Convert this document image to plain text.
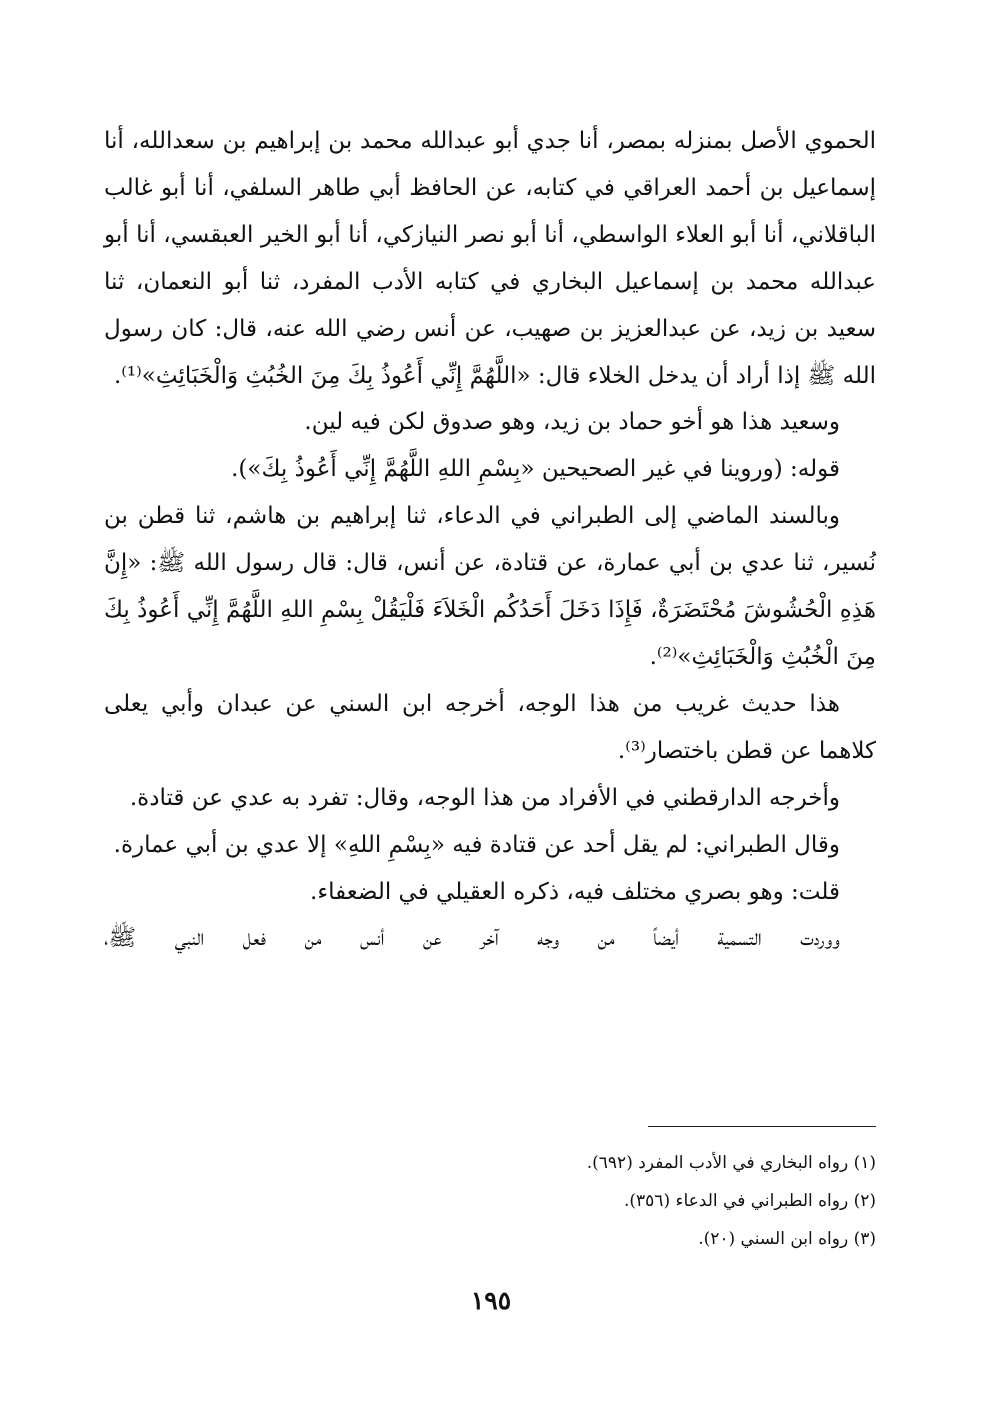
الحموي الأصل بمنزله بمصر، أنا جدي أبو عبدالله محمد بن إبراهيم بن سعدالله، أنا إسماعيل بن أحمد العراقي في كتابه، عن الحافظ أبي طاهر السلفي، أنا أبو غالب الباقلاني، أنا أبو العلاء الواسطي، أنا أبو نصر النيازكي، أنا أبو الخير العبقسي، أنا أبو عبدالله محمد بن إسماعيل البخاري في كتابه الأدب المفرد، ثنا أبو النعمان، ثنا سعيد بن زيد، عن عبدالعزيز بن صهيب، عن أنس رضي الله عنه، قال: كان رسول الله ﷺ إذا أراد أن يدخل الخلاء قال: «اللَّهُمَّ إِنِّي أَعُوذُ بِكَ مِنَ الخُبُثِ وَالْخَبَائِثِ»⁽¹⁾.

وسعيد هذا هو أخو حماد بن زيد، وهو صدوق لكن فيه لين.

قوله: (وروينا في غير الصحيحين «بِسْمِ اللهِ اللَّهُمَّ إِنِّي أَعُوذُ بِكَ»).

وبالسند الماضي إلى الطبراني في الدعاء، ثنا إبراهيم بن هاشم، ثنا قطن بن نُسير، ثنا عدي بن أبي عمارة، عن قتادة، عن أنس، قال: قال رسول الله ﷺ: «إِنَّ هَذِهِ الْحُشُوشَ مُحْتَضَرَةٌ، فَإِذَا دَخَلَ أَحَدُكُم الْخَلاَءَ فَلْيَقُلْ بِسْمِ اللهِ اللَّهُمَّ إِنِّي أَعُوذُ بِكَ مِنَ الْخُبُثِ وَالْخَبَائِثِ»⁽²⁾.

هذا حديث غريب من هذا الوجه، أخرجه ابن السني عن عبدان وأبي يعلى كلاهما عن قطن باختصار⁽³⁾.

وأخرجه الدارقطني في الأفراد من هذا الوجه، وقال: تفرد به عدي عن قتادة.

وقال الطبراني: لم يقل أحد عن قتادة فيه «بِسْمِ اللهِ» إلا عدي بن أبي عمارة.

قلت: وهو بصري مختلف فيه، ذكره العقيلي في الضعفاء.

ووردت التسمية أيضاً من وجه آخر عن أنس من فعل النبي ﷺ،

(١) رواه البخاري في الأدب المفرد (٦٩٢).
(٢) رواه الطبراني في الدعاء (٣٥٦).
(٣) رواه ابن السني (٢٠).
١٩٥
